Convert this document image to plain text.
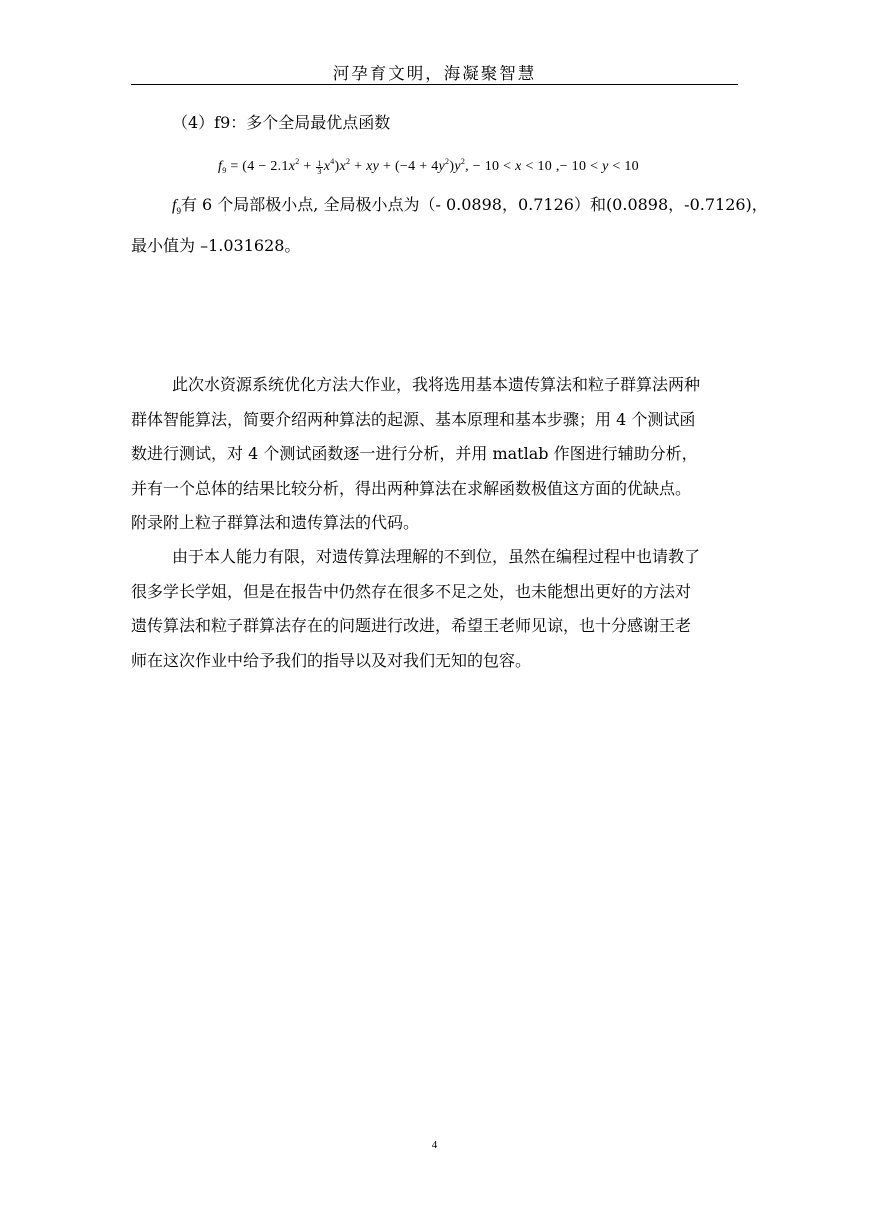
河孕育文明，海凝聚智慧
（4）f9：多个全局最优点函数
$f_9 = (4 - 2.1x^2 + \frac{1}{3} x^4)x^2$ + xy + $(-4 + 4y^2)y^2$, − 10 < x < 10 ,− 10 < y < 10
$f_9$有 6 个局部极小点, 全局极小点为（- 0.0898，0.7126）和(0.0898，-0.7126)，
最小值为 –1.031628。
此次水资源系统优化方法大作业，我将选用基本遗传算法和粒子群算法两种
群体智能算法，简要介绍两种算法的起源、基本原理和基本步骤；用 4 个测试函
数进行测试，对 4 个测试函数逐一进行分析，并用 matlab 作图进行辅助分析，
并有一个总体的结果比较分析，得出两种算法在求解函数极值这方面的优缺点。
附录附上粒子群算法和遗传算法的代码。
由于本人能力有限，对遗传算法理解的不到位，虽然在编程过程中也请教了
很多学长学姐，但是在报告中仍然存在很多不足之处，也未能想出更好的方法对
遗传算法和粒子群算法存在的问题进行改进，希望王老师见谅，也十分感谢王老
师在这次作业中给予我们的指导以及对我们无知的包容。
4
